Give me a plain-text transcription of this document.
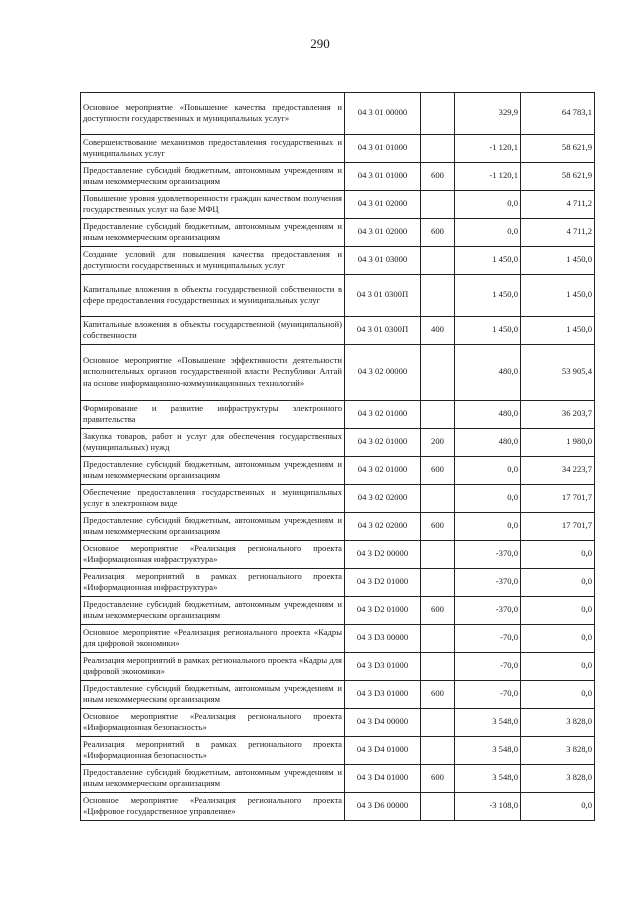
290
Основное мероприятие «Повышение качества предоставления и доступности государственных и муниципальных услуг»	04 3 01 00000		329,9	64 783,1
Совершенствование механизмов предоставления государственных и муниципальных услуг	04 3 01 01000		-1 120,1	58 621,9
Предоставление субсидий бюджетным, автономным учреждениям и иным некоммерческим организациям	04 3 01 01000	600	-1 120,1	58 621,9
Повышение уровня удовлетворенности граждан качеством получения государственных услуг на базе МФЦ	04 3 01 02000		0,0	4 711,2
Предоставление субсидий бюджетным, автономным учреждениям и иным некоммерческим организациям	04 3 01 02000	600	0,0	4 711,2
Создание условий для повышения качества предоставления и доступности государственных и муниципальных услуг	04 3 01 03000		1 450,0	1 450,0
Капитальные вложения в объекты государственной собственности в сфере предоставления государственных и муниципальных услуг	04 3 01 0300П		1 450,0	1 450,0
Капитальные вложения в объекты государственной (муниципальной) собственности	04 3 01 0300П	400	1 450,0	1 450,0
Основное мероприятие «Повышение эффективности деятельности исполнительных органов государственной власти Республики Алтай на основе информационно-коммуникационных технологий»	04 3 02 00000		480,0	53 905,4
Формирование и развитие инфраструктуры электронного правительства	04 3 02 01000		480,0	36 203,7
Закупка товаров, работ и услуг для обеспечения государственных (муниципальных) нужд	04 3 02 01000	200	480,0	1 980,0
Предоставление субсидий бюджетным, автономным учреждениям и иным некоммерческим организациям	04 3 02 01000	600	0,0	34 223,7
Обеспечение предоставления государственных и муниципальных услуг в электронном виде	04 3 02 02000		0,0	17 701,7
Предоставление субсидий бюджетным, автономным учреждениям и иным некоммерческим организациям	04 3 02 02000	600	0,0	17 701,7
Основное мероприятие «Реализация регионального проекта «Информационная инфраструктура»	04 3 D2 00000		-370,0	0,0
Реализация мероприятий в рамках регионального проекта «Информационная инфраструктура»	04 3 D2 01000		-370,0	0,0
Предоставление субсидий бюджетным, автономным учреждениям и иным некоммерческим организациям	04 3 D2 01000	600	-370,0	0,0
Основное мероприятие «Реализация регионального проекта «Кадры для цифровой экономики»	04 3 D3 00000		-70,0	0,0
Реализация мероприятий в рамках регионального проекта «Кадры для цифровой экономики»	04 3 D3 01000		-70,0	0,0
Предоставление субсидий бюджетным, автономным учреждениям и иным некоммерческим организациям	04 3 D3 01000	600	-70,0	0,0
Основное мероприятие «Реализация регионального проекта «Информационная безопасность»	04 3 D4 00000		3 548,0	3 828,0
Реализация мероприятий в рамках регионального проекта «Информационная безопасность»	04 3 D4 01000		3 548,0	3 828,0
Предоставление субсидий бюджетным, автономным учреждениям и иным некоммерческим организациям	04 3 D4 01000	600	3 548,0	3 828,0
Основное мероприятие «Реализация регионального проекта «Цифровое государственное управление»	04 3 D6 00000		-3 108,0	0,0
